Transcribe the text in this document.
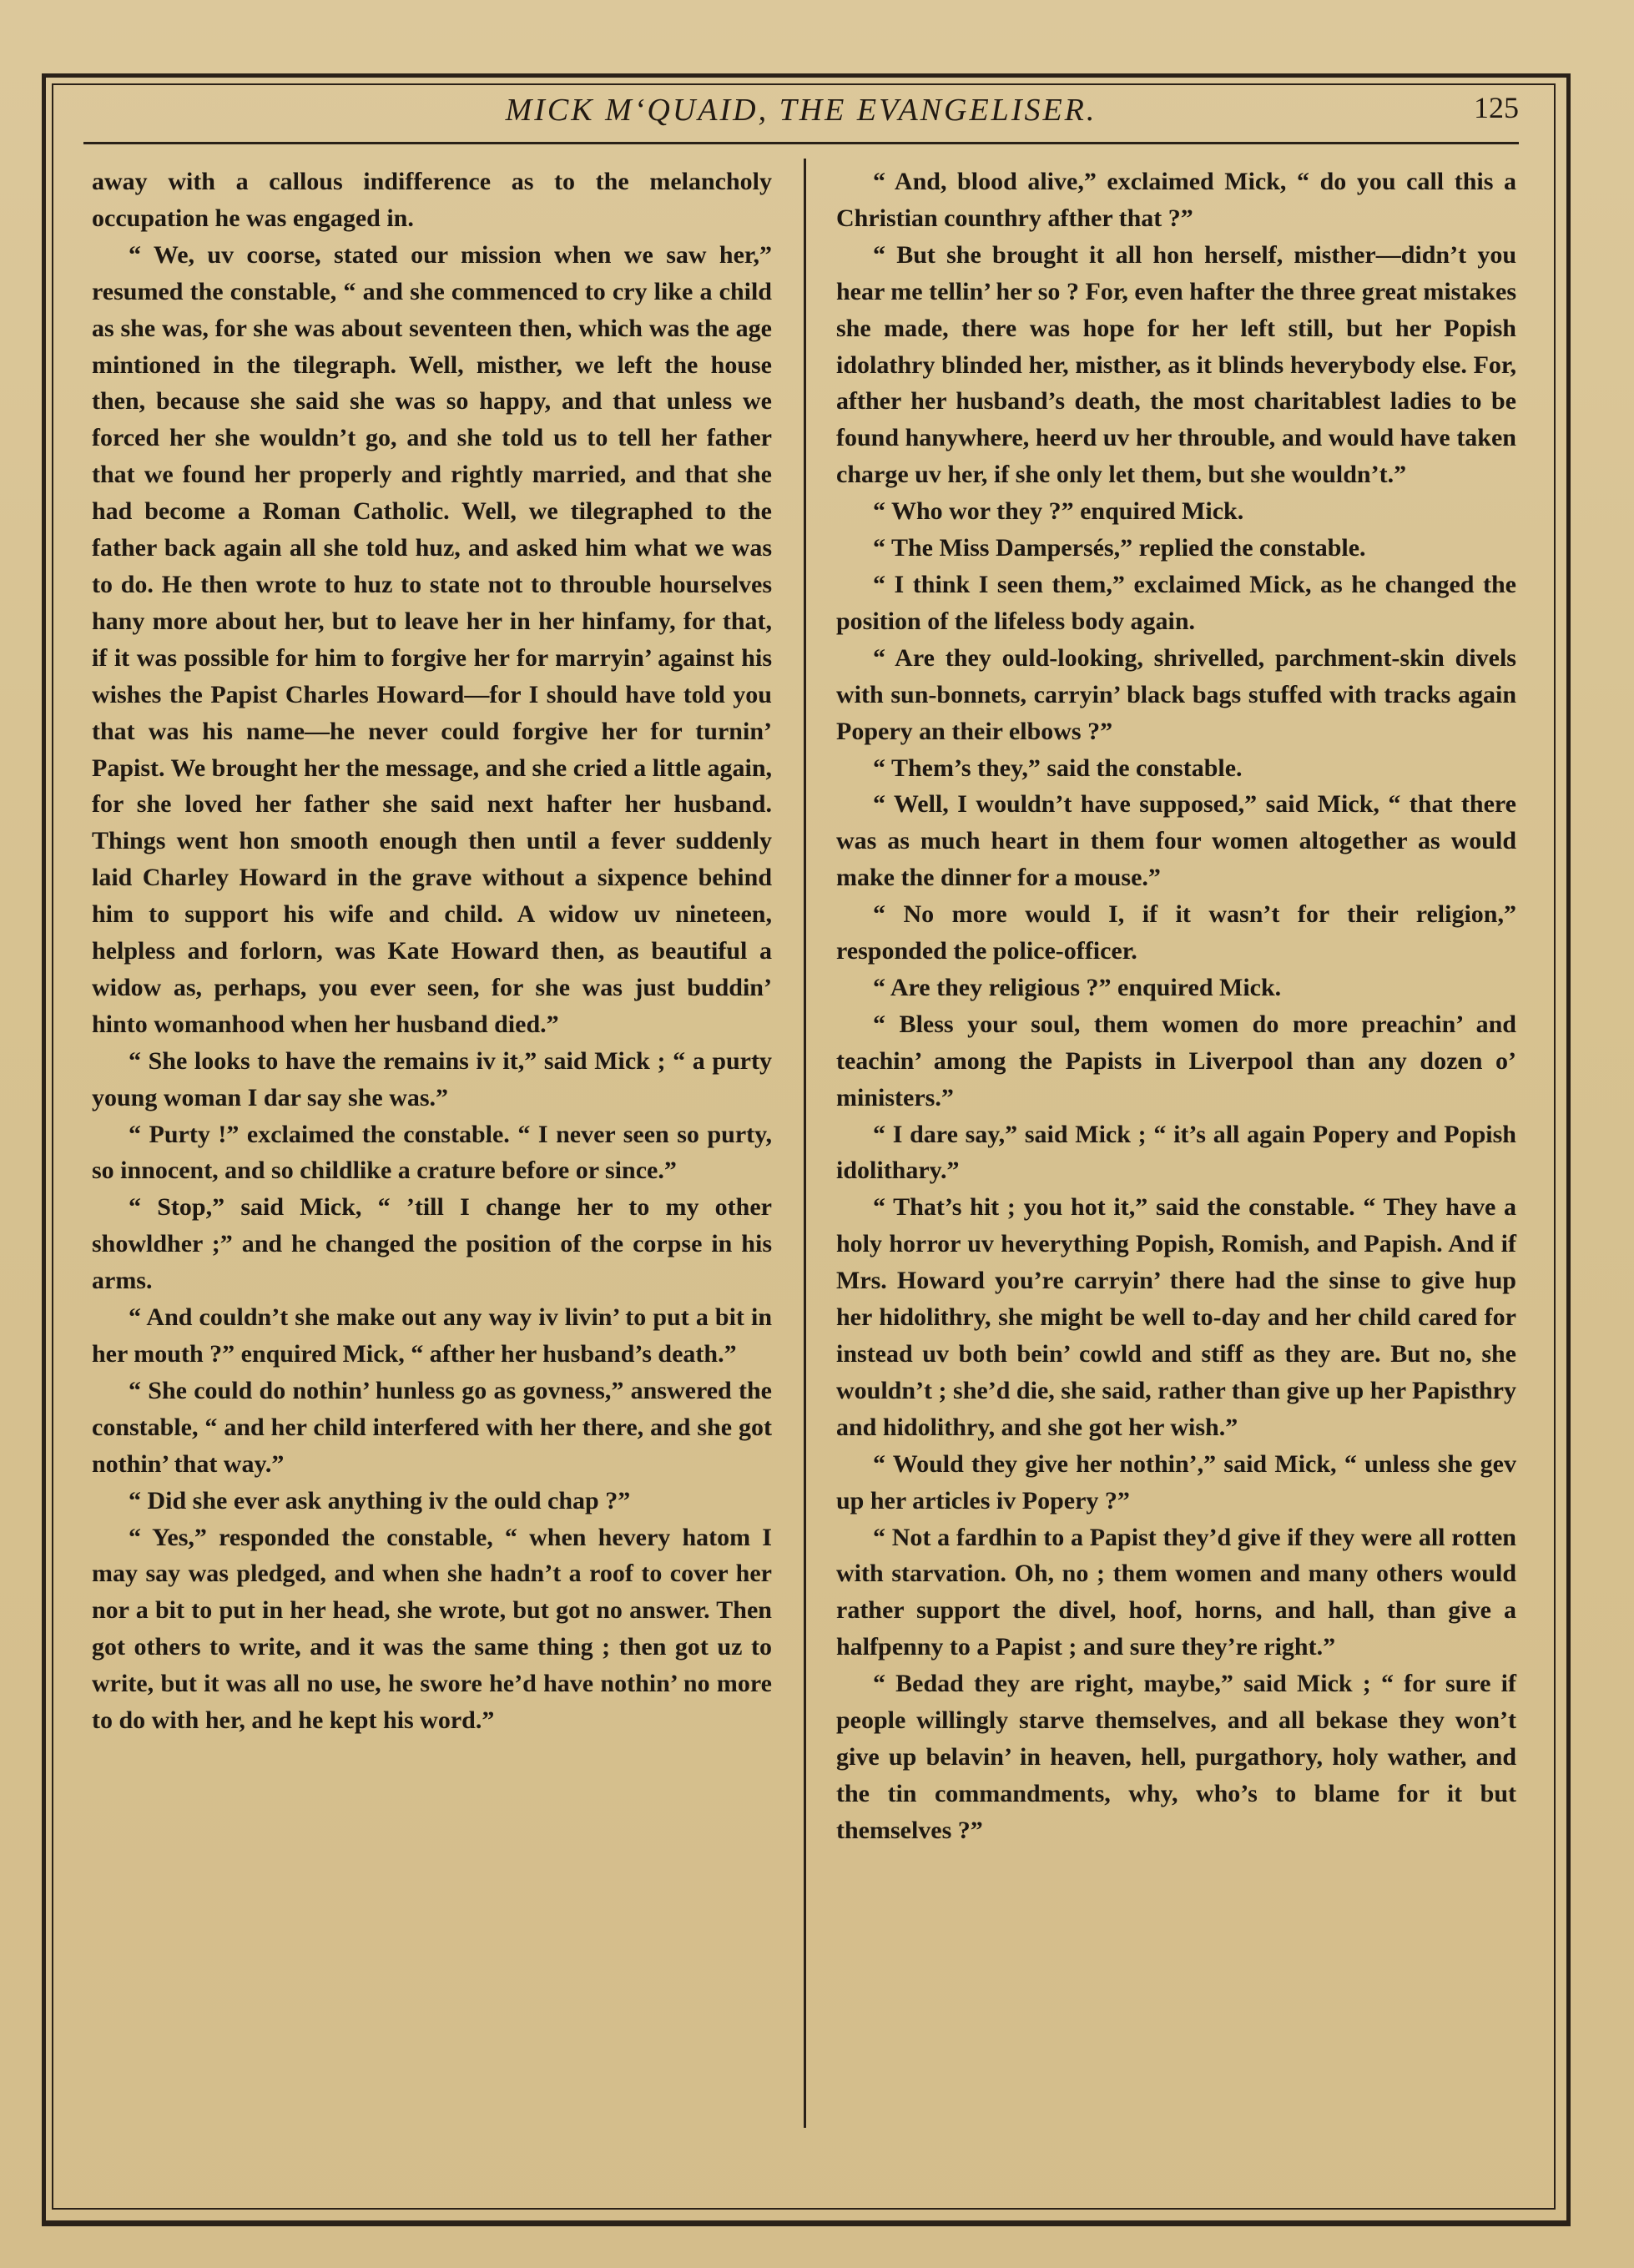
MICK M‘QUAID, THE EVANGELISER.	125

away with a callous indifference as to the melancholy occupation he was engaged in.

“ We, uv coorse, stated our mission when we saw her,” resumed the constable, “ and she commenced to cry like a child as she was, for she was about seventeen then, which was the age mintioned in the tilegraph. Well, misther, we left the house then, because she said she was so happy, and that unless we forced her she wouldn’t go, and she told us to tell her father that we found her properly and rightly married, and that she had become a Roman Catholic. Well, we tilegraphed to the father back again all she told huz, and asked him what we was to do. He then wrote to huz to state not to throuble hourselves hany more about her, but to leave her in her hinfamy, for that, if it was possible for him to forgive her for marryin’ against his wishes the Papist Charles Howard—for I should have told you that was his name—he never could forgive her for turnin’ Papist. We brought her the message, and she cried a little again, for she loved her father she said next hafter her husband. Things went hon smooth enough then until a fever suddenly laid Charley Howard in the grave without a sixpence behind him to support his wife and child. A widow uv nineteen, helpless and forlorn, was Kate Howard then, as beautiful a widow as, perhaps, you ever seen, for she was just buddin’ hinto womanhood when her husband died.”

“ She looks to have the remains iv it,” said Mick ; “ a purty young woman I dar say she was.”

“ Purty !” exclaimed the constable. “ I never seen so purty, so innocent, and so childlike a crature before or since.”

“ Stop,” said Mick, “ ’till I change her to my other showldher ;” and he changed the position of the corpse in his arms.

“ And couldn’t she make out any way iv livin’ to put a bit in her mouth ?” enquired Mick, “ afther her husband’s death.”

“ She could do nothin’ hunless go as govness,” answered the constable, “ and her child interfered with her there, and she got nothin’ that way.”

“ Did she ever ask anything iv the ould chap ?”

“ Yes,” responded the constable, “ when hevery hatom I may say was pledged, and when she hadn’t a roof to cover her nor a bit to put in her head, she wrote, but got no answer. Then got others to write, and it was the same thing ; then got uz to write, but it was all no use, he swore he’d have nothin’ no more to do with her, and he kept his word.”

“ And, blood alive,” exclaimed Mick, “ do you call this a Christian counthry afther that ?”

“ But she brought it all hon herself, misther—didn’t you hear me tellin’ her so ? For, even hafter the three great mistakes she made, there was hope for her left still, but her Popish idolathry blinded her, misther, as it blinds heverybody else. For, afther her husband’s death, the most charitablest ladies to be found hanywhere, heerd uv her throuble, and would have taken charge uv her, if she only let them, but she wouldn’t.”

“ Who wor they ?” enquired Mick.

“ The Miss Dampersés,” replied the constable.

“ I think I seen them,” exclaimed Mick, as he changed the position of the lifeless body again.

“ Are they ould-looking, shrivelled, parchment-skin divels with sun-bonnets, carryin’ black bags stuffed with tracks again Popery an their elbows ?”

“ Them’s they,” said the constable.

“ Well, I wouldn’t have supposed,” said Mick, “ that there was as much heart in them four women altogether as would make the dinner for a mouse.”

“ No more would I, if it wasn’t for their religion,” responded the police-officer.

“ Are they religious ?” enquired Mick.

“ Bless your soul, them women do more preachin’ and teachin’ among the Papists in Liverpool than any dozen o’ ministers.”

“ I dare say,” said Mick ; “ it’s all again Popery and Popish idolithary.”

“ That’s hit ; you hot it,” said the constable. “ They have a holy horror uv heverything Popish, Romish, and Papish. And if Mrs. Howard you’re carryin’ there had the sinse to give hup her hidolithry, she might be well to-day and her child cared for instead uv both bein’ cowld and stiff as they are. But no, she wouldn’t ; she’d die, she said, rather than give up her Papisthry and hidolithry, and she got her wish.”

“ Would they give her nothin’,” said Mick, “ unless she gev up her articles iv Popery ?”

“ Not a fardhin to a Papist they’d give if they were all rotten with starvation. Oh, no ; them women and many others would rather support the divel, hoof, horns, and hall, than give a halfpenny to a Papist ; and sure they’re right.”

“ Bedad they are right, maybe,” said Mick ; “ for sure if people willingly starve themselves, and all bekase they won’t give up belavin’ in heaven, hell, purgathory, holy wather, and the tin commandments, why, who’s to blame for it but themselves ?”
